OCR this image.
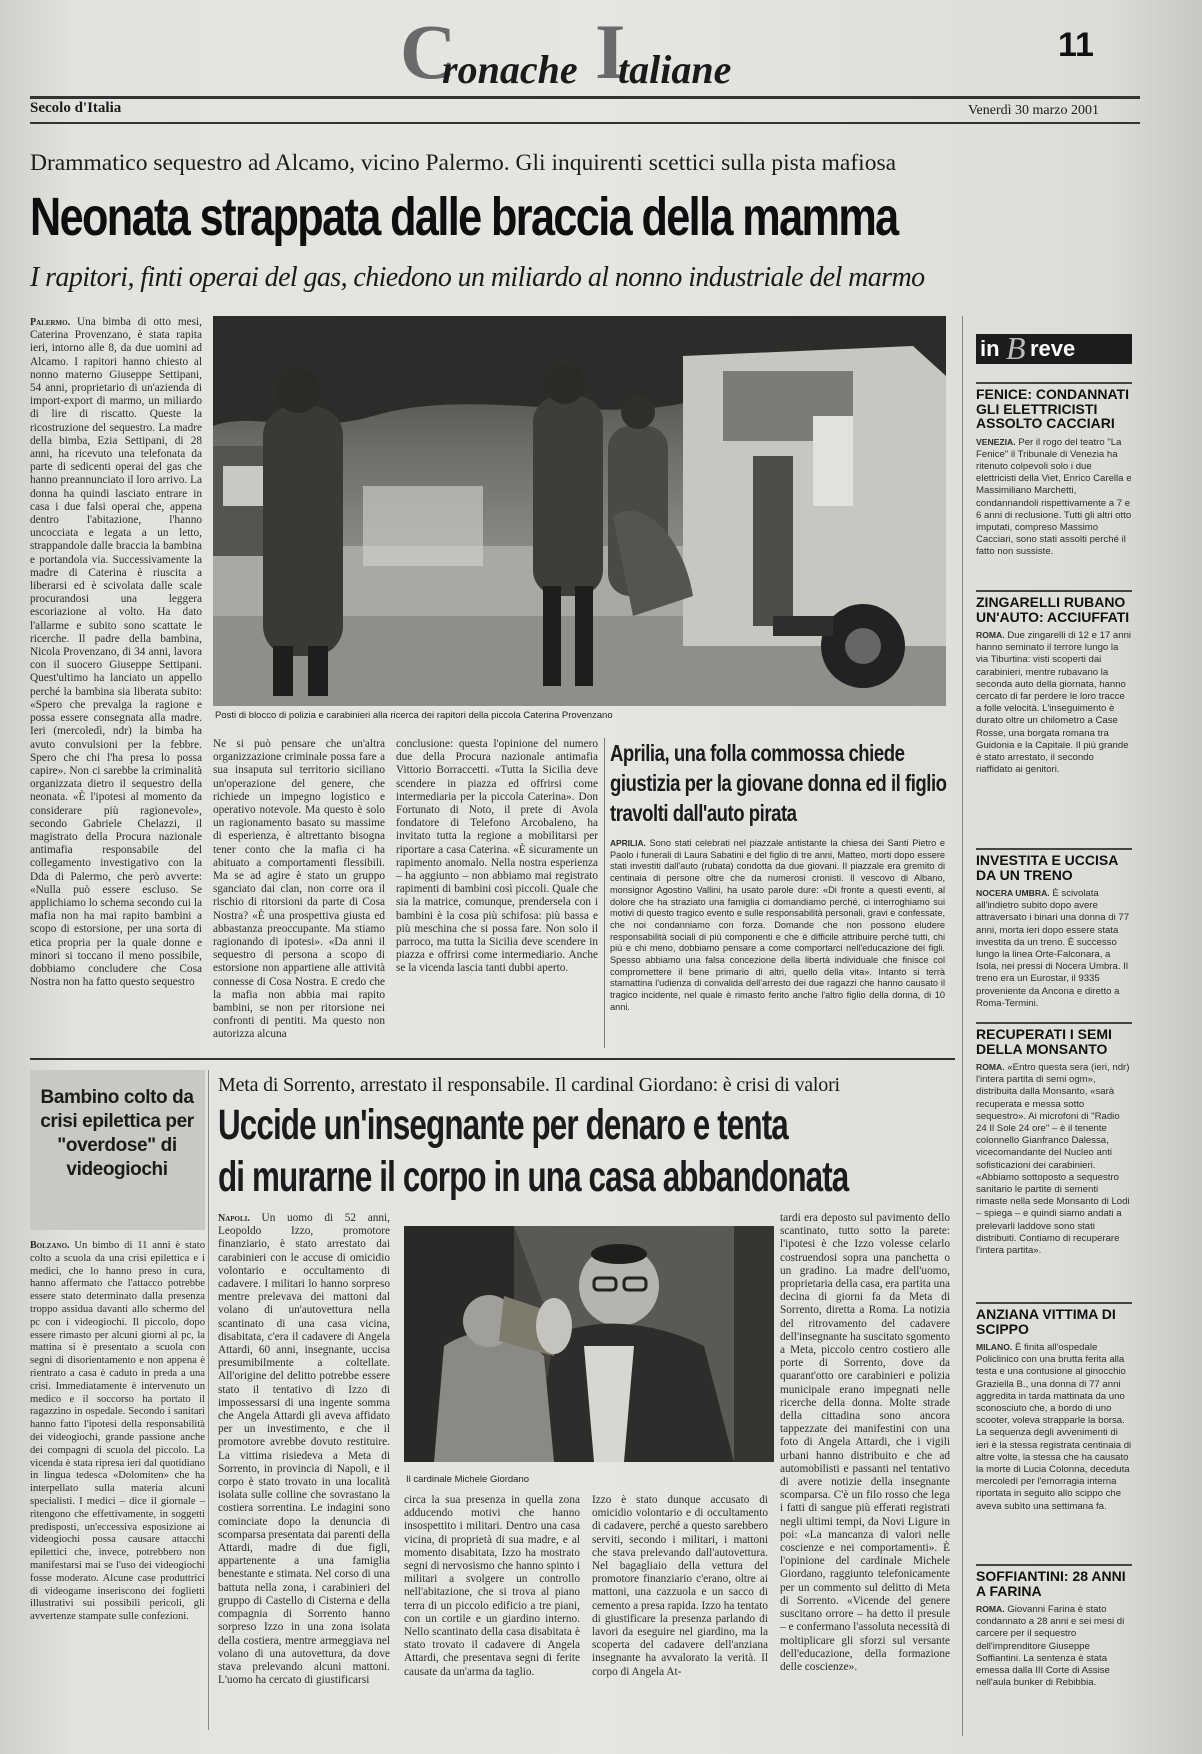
C
ronache I
taliane
11
Secolo d'Italia	Venerdì 30 marzo 2001
Drammatico sequestro ad Alcamo, vicino Palermo. Gli inquirenti scettici sulla pista mafiosa
Neonata strappata dalle braccia della mamma
I rapitori, finti operai del gas, chiedono un miliardo al nonno industriale del marmo
Palermo. Una bimba di otto mesi, Caterina Provenzano, è stata rapita ieri, intorno alle 8, da due uomini ad Alcamo. I rapitori hanno chiesto al nonno materno Giuseppe Settipani, 54 anni, proprietario di un'azienda di import-export di marmo, un miliardo di lire di riscatto. Queste la ricostruzione del sequestro. La madre della bimba, Ezia Settipani, di 28 anni, ha ricevuto una telefonata da parte di sedicenti operai del gas che hanno preannunciato il loro arrivo. La donna ha quindi lasciato entrare in casa i due falsi operai che, appena dentro l'abitazione, l'hanno uncocciata e legata a un letto, strappandole dalle braccia la bambina e portandola via. Successivamente la madre di Caterina è riuscita a liberarsi ed è scivolata dalle scale procurandosi una leggera escoriazione al volto. Ha dato l'allarme e subito sono scattate le ricerche. Il padre della bambina, Nicola Provenzano, di 34 anni, lavora con il suocero Giuseppe Settipani. Quest'ultimo ha lanciato un appello perché la bambina sia liberata subito: «Spero che prevalga la ragione e possa essere consegnata alla madre. Ieri (mercoledì, ndr) la bimba ha avuto convulsioni per la febbre. Spero che chi l'ha presa lo possa capire». Non ci sarebbe la criminalità organizzata dietro il sequestro della neonata. «È l'ipotesi al momento da considerare più ragionevole», secondo Gabriele Chelazzi, il magistrato della Procura nazionale antimafia responsabile del collegamento investigativo con la Dda di Palermo, che però avverte: «Nulla può essere escluso. Se applichiamo lo schema secondo cui la mafia non ha mai rapito bambini a scopo di estorsione, per una sorta di etica propria per la quale donne e minori si toccano il meno possibile, dobbiamo concludere che Cosa Nostra non ha fatto questo sequestro
Posti di blocco di polizia e carabinieri alla ricerca dei rapitori della piccola Caterina Provenzano
Ne si può pensare che un'altra organizzazione criminale possa fare a sua insaputa sul territorio siciliano un'operazione del genere, che richiede un impegno logistico e operativo notevole. Ma questo è solo un ragionamento basato su massime di esperienza, è altrettanto bisogna tener conto che la mafia ci ha abituato a comportamenti flessibili. Ma se ad agire è stato un gruppo sganciato dai clan, non corre ora il rischio di ritorsioni da parte di Cosa Nostra? «È una prospettiva giusta ed abbastanza preoccupante. Ma stiamo ragionando di ipotesi». «Da anni il sequestro di persona a scopo di estorsione non appartiene alle attività connesse di Cosa Nostra. E credo che la mafia non abbia mai rapito bambini, se non per ritorsione nei confronti di pentiti. Ma questo non autorizza alcuna
conclusione: questa l'opinione del numero due della Procura nazionale antimafia Vittorio Borraccetti. «Tutta la Sicilia deve scendere in piazza ed offrirsi come intermediaria per la piccola Caterina». Don Fortunato di Noto, il prete di Avola fondatore di Telefono Arcobaleno, ha invitato tutta la regione a mobilitarsi per riportare a casa Caterina. «È sicuramente un rapimento anomalo. Nella nostra esperienza – ha aggiunto – non abbiamo mai registrato rapimenti di bambini così piccoli. Quale che sia la matrice, comunque, prendersela con i bambini è la cosa più schifosa: più bassa e più meschina che si possa fare. Non solo il parroco, ma tutta la Sicilia deve scendere in piazza e offrirsi come intermediario. Anche se la vicenda lascia tanti dubbi aperto.
Aprilia, una folla commossa chiede giustizia per la giovane donna ed il figlio travolti dall'auto pirata
APRILIA. Sono stati celebrati nel piazzale antistante la chiesa dei Santi Pietro e Paolo i funerali di Laura Sabatini e del figlio di tre anni, Matteo, morti dopo essere stati investiti dall'auto (rubata) condotta da due giovani. Il piazzale era gremito di centinaia di persone oltre che da numerosi cronisti. Il vescovo di Albano, monsignor Agostino Vallini, ha usato parole dure: «Di fronte a questi eventi, al dolore che ha straziato una famiglia ci domandiamo perché, ci interroghiamo sui motivi di questo tragico evento e sulle responsabilità personali, gravi e confessate, che noi condanniamo con forza. Domande che non possono eludere responsabilità sociali di più componenti e che è difficile attribuire perché tutti, chi più e chi meno, dobbiamo pensare a come comportarci nell'educazione dei figli. Spesso abbiamo una falsa concezione della libertà individuale che finisce col compromettere il bene primario di altri, quello della vita». Intanto si terrà stamattina l'udienza di convalida dell'arresto dei due ragazzi che hanno causato il tragico incidente, nel quale è rimasto ferito anche l'altro figlio della donna, di 10 anni.
in B reve
FENICE: CONDANNATI GLI ELETTRICISTI ASSOLTO CACCIARI
VENEZIA. Per il rogo del teatro "La Fenice" il Tribunale di Venezia ha ritenuto colpevoli solo i due elettricisti della Viet, Enrico Carella e Massimiliano Marchetti, condannandoli rispettivamente a 7 e 6 anni di reclusione. Tutti gli altri otto imputati, compreso Massimo Cacciari, sono stati assolti perché il fatto non sussiste.
ZINGARELLI RUBANO UN'AUTO: ACCIUFFATI
ROMA. Due zingarelli di 12 e 17 anni hanno seminato il terrore lungo la via Tiburtina: visti scoperti dai carabinieri, mentre rubavano la seconda auto della giornata, hanno cercato di far perdere le loro tracce a folle velocità. L'inseguimento è durato oltre un chilometro a Case Rosse, una borgata romana tra Guidonia e la Capitale. Il più grande è stato arrestato, il secondo riaffidato ai genitori.
INVESTITA E UCCISA DA UN TRENO
NOCERA UMBRA. È scivolata all'indietro subito dopo avere attraversato i binari una donna di 77 anni, morta ieri dopo essere stata investita da un treno. È successo lungo la linea Orte-Falconara, a Isola, nei pressi di Nocera Umbra. Il treno era un Eurostar, il 9335 proveniente da Ancona e diretto a Roma-Termini.
RECUPERATI I SEMI DELLA MONSANTO
ROMA. «Entro questa sera (ieri, ndr) l'intera partita di semi ogm», distribuita dalla Monsanto, «sarà recuperata e messa sotto sequestro». Ai microfoni di "Radio 24 Il Sole 24 ore" – è il tenente colonnello Gianfranco Dalessa, vicecomandante del Nucleo anti sofisticazioni dei carabinieri. «Abbiamo sottoposto a sequestro sanitario le partite di sementi rimaste nella sede Monsanto di Lodi – spiega – e quindi siamo andati a prelevarli laddove sono stati distribuiti. Contiamo di recuperare l'intera partita».
ANZIANA VITTIMA DI SCIPPO
MILANO. È finita all'ospedale Policlinico con una brutta ferita alla testa e una contusione al ginocchio Graziella B., una donna di 77 anni aggredita in tarda mattinata da uno sconosciuto che, a bordo di uno scooter, voleva strapparle la borsa. La sequenza degli avvenimenti di ieri è la stessa registrata centinaia di altre volte, la stessa che ha causato la morte di Lucia Colonna, deceduta mercoledì per l'emorragia interna riportata in seguito allo scippo che aveva subìto una settimana fa.
SOFFIANTINI: 28 ANNI A FARINA
ROMA. Giovanni Farina è stato condannato a 28 anni e sei mesi di carcere per il sequestro dell'imprenditore Giuseppe Soffiantini. La sentenza è stata emessa dalla III Corte di Assise nell'aula bunker di Rebibbia.
Bambino colto da crisi epilettica per "overdose" di videogiochi
Bolzano. Un bimbo di 11 anni è stato colto a scuola da una crisi epilettica e i medici, che lo hanno preso in cura, hanno affermato che l'attacco potrebbe essere stato determinato dalla presenza troppo assidua davanti allo schermo del pc con i videogiochi. Il piccolo, dopo essere rimasto per alcuni giorni al pc, la mattina si è presentato a scuola con segni di disorientamento e non appena è rientrato a casa è caduto in preda a una crisi. Immediatamente è intervenuto un medico e il soccorso ha portato il ragazzino in ospedale. Secondo i sanitari hanno fatto l'ipotesi della responsabilità dei videogiochi, grande passione anche dei compagni di scuola del piccolo. La vicenda è stata ripresa ieri dal quotidiano in lingua tedesca «Dolomiten» che ha interpellato sulla materia alcuni specialisti. I medici – dice il giornale – ritengono che effettivamente, in soggetti predisposti, un'eccessiva esposizione ai videogiochi possa causare attacchi epilettici che, invece, potrebbero non manifestarsi mai se l'uso dei videogiochi fosse moderato. Alcune case produttrici di videogame inseriscono dei foglietti illustrativi sui possibili pericoli, gli avvertenze stampate sulle confezioni.
Meta di Sorrento, arrestato il responsabile. Il cardinal Giordano: è crisi di valori
Uccide un'insegnante per denaro e tenta
di murarne il corpo in una casa abbandonata
Napoli. Un uomo di 52 anni, Leopoldo Izzo, promotore finanziario, è stato arrestato dai carabinieri con le accuse di omicidio volontario e occultamento di cadavere. I militari lo hanno sorpreso mentre prelevava dei mattoni dal volano di un'autovettura nella scantinato di una casa vicina, disabitata, c'era il cadavere di Angela Attardi, 60 anni, insegnante, uccisa presumibilmente a coltellate. All'origine del delitto potrebbe essere stato il tentativo di Izzo di impossessarsi di una ingente somma che Angela Attardi gli aveva affidato per un investimento, e che il promotore avrebbe dovuto restituire. La vittima risiedeva a Meta di Sorrento, in provincia di Napoli, e il corpo è stato trovato in una località isolata sulle colline che sovrastano la costiera sorrentina. Le indagini sono cominciate dopo la denuncia di scomparsa presentata dai parenti della Attardi, madre di due figli, appartenente a una famiglia benestante e stimata. Nel corso di una battuta nella zona, i carabinieri del gruppo di Castello di Cisterna e della compagnia di Sorrento hanno sorpreso Izzo in una zona isolata della costiera, mentre armeggiava nel volano di una autovettura, da dove stava prelevando alcuni mattoni. L'uomo ha cercato di giustificarsi
Il cardinale Michele Giordano
circa la sua presenza in quella zona adducendo motivi che hanno insospettito i militari. Dentro una casa vicina, di proprietà di sua madre, e al momento disabitata, Izzo ha mostrato segni di nervosismo che hanno spinto i militari a svolgere un controllo nell'abitazione, che si trova al piano terra di un piccolo edificio a tre piani, con un cortile e un giardino interno. Nello scantinato della casa disabitata è stato trovato il cadavere di Angela Attardi, che presentava segni di ferite causate da un'arma da taglio.
Izzo è stato dunque accusato di omicidio volontario e di occultamento di cadavere, perché a questo sarebbero serviti, secondo i militari, i mattoni che stava prelevando dall'autovettura. Nel bagagliaio della vettura del promotore finanziario c'erano, oltre ai mattoni, una cazzuola e un sacco di cemento a presa rapida. Izzo ha tentato di giustificare la presenza parlando di lavori da eseguire nel giardino, ma la scoperta del cadavere dell'anziana insegnante ha avvalorato la verità. Il corpo di Angela At-
tardi era deposto sul pavimento dello scantinato, tutto sotto la parete: l'ipotesi è che Izzo volesse celarlo costruendosi sopra una panchetta o un gradino. La madre dell'uomo, proprietaria della casa, era partita una decina di giorni fa da Meta di Sorrento, diretta a Roma. La notizia del ritrovamento del cadavere dell'insegnante ha suscitato sgomento a Meta, piccolo centro costiero alle porte di Sorrento, dove da quarant'otto ore carabinieri e polizia municipale erano impegnati nelle ricerche della donna. Molte strade della cittadina sono ancora tappezzate dei manifestini con una foto di Angela Attardi, che i vigili urbani hanno distribuito e che ad automobilisti e passanti nel tentativo di avere notizie della insegnante scomparsa. C'è un filo rosso che lega i fatti di sangue più efferati registrati negli ultimi tempi, da Novi Ligure in poi: «La mancanza di valori nelle coscienze e nei comportamenti». È l'opinione del cardinale Michele Giordano, raggiunto telefonicamente per un commento sul delitto di Meta di Sorrento. «Vicende del genere suscitano orrore – ha detto il presule – e confermano l'assoluta necessità di moltiplicare gli sforzi sul versante dell'educazione, della formazione delle coscienze».
